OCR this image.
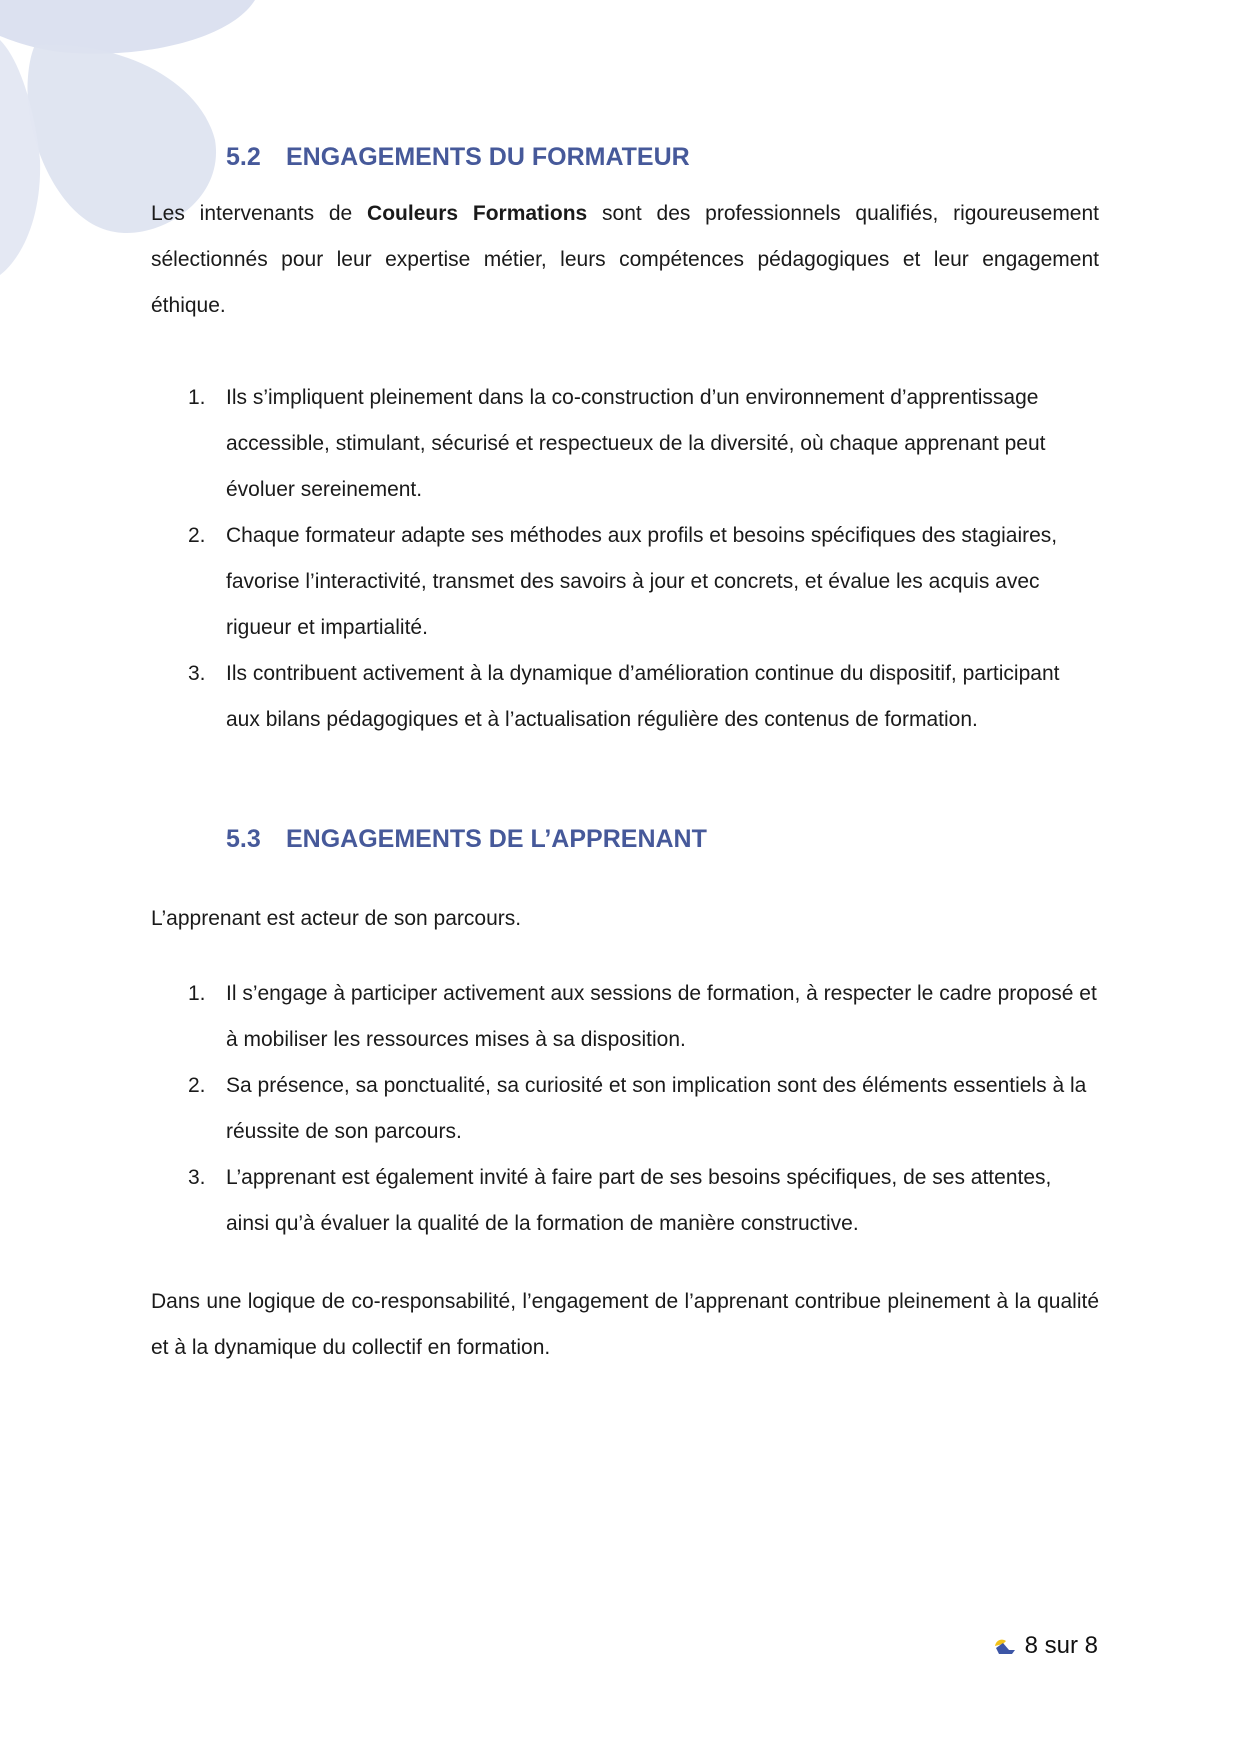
5.2 ENGAGEMENTS DU FORMATEUR

Les intervenants de Couleurs Formations sont des professionnels qualifiés, rigoureusement sélectionnés pour leur expertise métier, leurs compétences pédagogiques et leur engagement éthique.

1. Ils s’impliquent pleinement dans la co-construction d’un environnement d’apprentissage accessible, stimulant, sécurisé et respectueux de la diversité, où chaque apprenant peut évoluer sereinement.
2. Chaque formateur adapte ses méthodes aux profils et besoins spécifiques des stagiaires, favorise l’interactivité, transmet des savoirs à jour et concrets, et évalue les acquis avec rigueur et impartialité.
3. Ils contribuent activement à la dynamique d’amélioration continue du dispositif, participant aux bilans pédagogiques et à l’actualisation régulière des contenus de formation.
5.3 ENGAGEMENTS DE L’APPRENANT

L’apprenant est acteur de son parcours.

1. Il s’engage à participer activement aux sessions de formation, à respecter le cadre proposé et à mobiliser les ressources mises à sa disposition.
2. Sa présence, sa ponctualité, sa curiosité et son implication sont des éléments essentiels à la réussite de son parcours.
3. L’apprenant est également invité à faire part de ses besoins spécifiques, de ses attentes, ainsi qu’à évaluer la qualité de la formation de manière constructive.

Dans une logique de co-responsabilité, l’engagement de l’apprenant contribue pleinement à la qualité et à la dynamique du collectif en formation.

8 sur 8
